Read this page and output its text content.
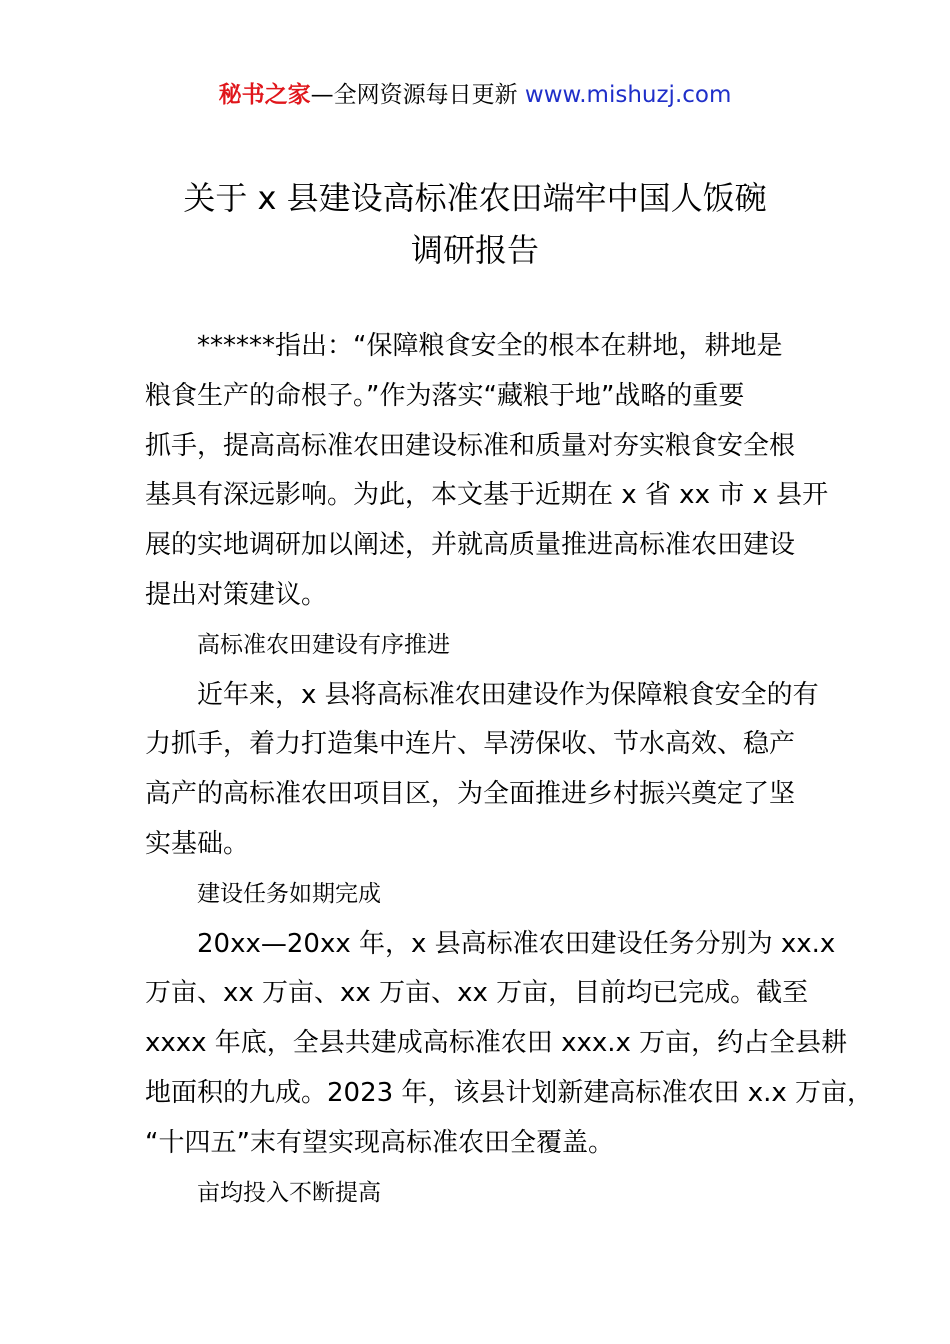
秘书之家—全网资源每日更新 www.mishuzj.com
关于 x 县建设高标准农田端牢中国人饭碗
调研报告

******指出：“保障粮食安全的根本在耕地，耕地是
粮食生产的命根子。”作为落实“藏粮于地”战略的重要
抓手，提高高标准农田建设标准和质量对夯实粮食安全根
基具有深远影响。为此，本文基于近期在 x 省 xx 市 x 县开
展的实地调研加以阐述，并就高质量推进高标准农田建设
提出对策建议。

高标准农田建设有序推进

近年来，x 县将高标准农田建设作为保障粮食安全的有
力抓手，着力打造集中连片、旱涝保收、节水高效、稳产
高产的高标准农田项目区，为全面推进乡村振兴奠定了坚
实基础。

建设任务如期完成

20xx—20xx 年，x 县高标准农田建设任务分别为 xx.x
万亩、xx 万亩、xx 万亩、xx 万亩，目前均已完成。截至
xxxx 年底，全县共建成高标准农田 xxx.x 万亩，约占全县耕
地面积的九成。2023 年，该县计划新建高标准农田 x.x 万亩，
“十四五”末有望实现高标准农田全覆盖。

亩均投入不断提高
